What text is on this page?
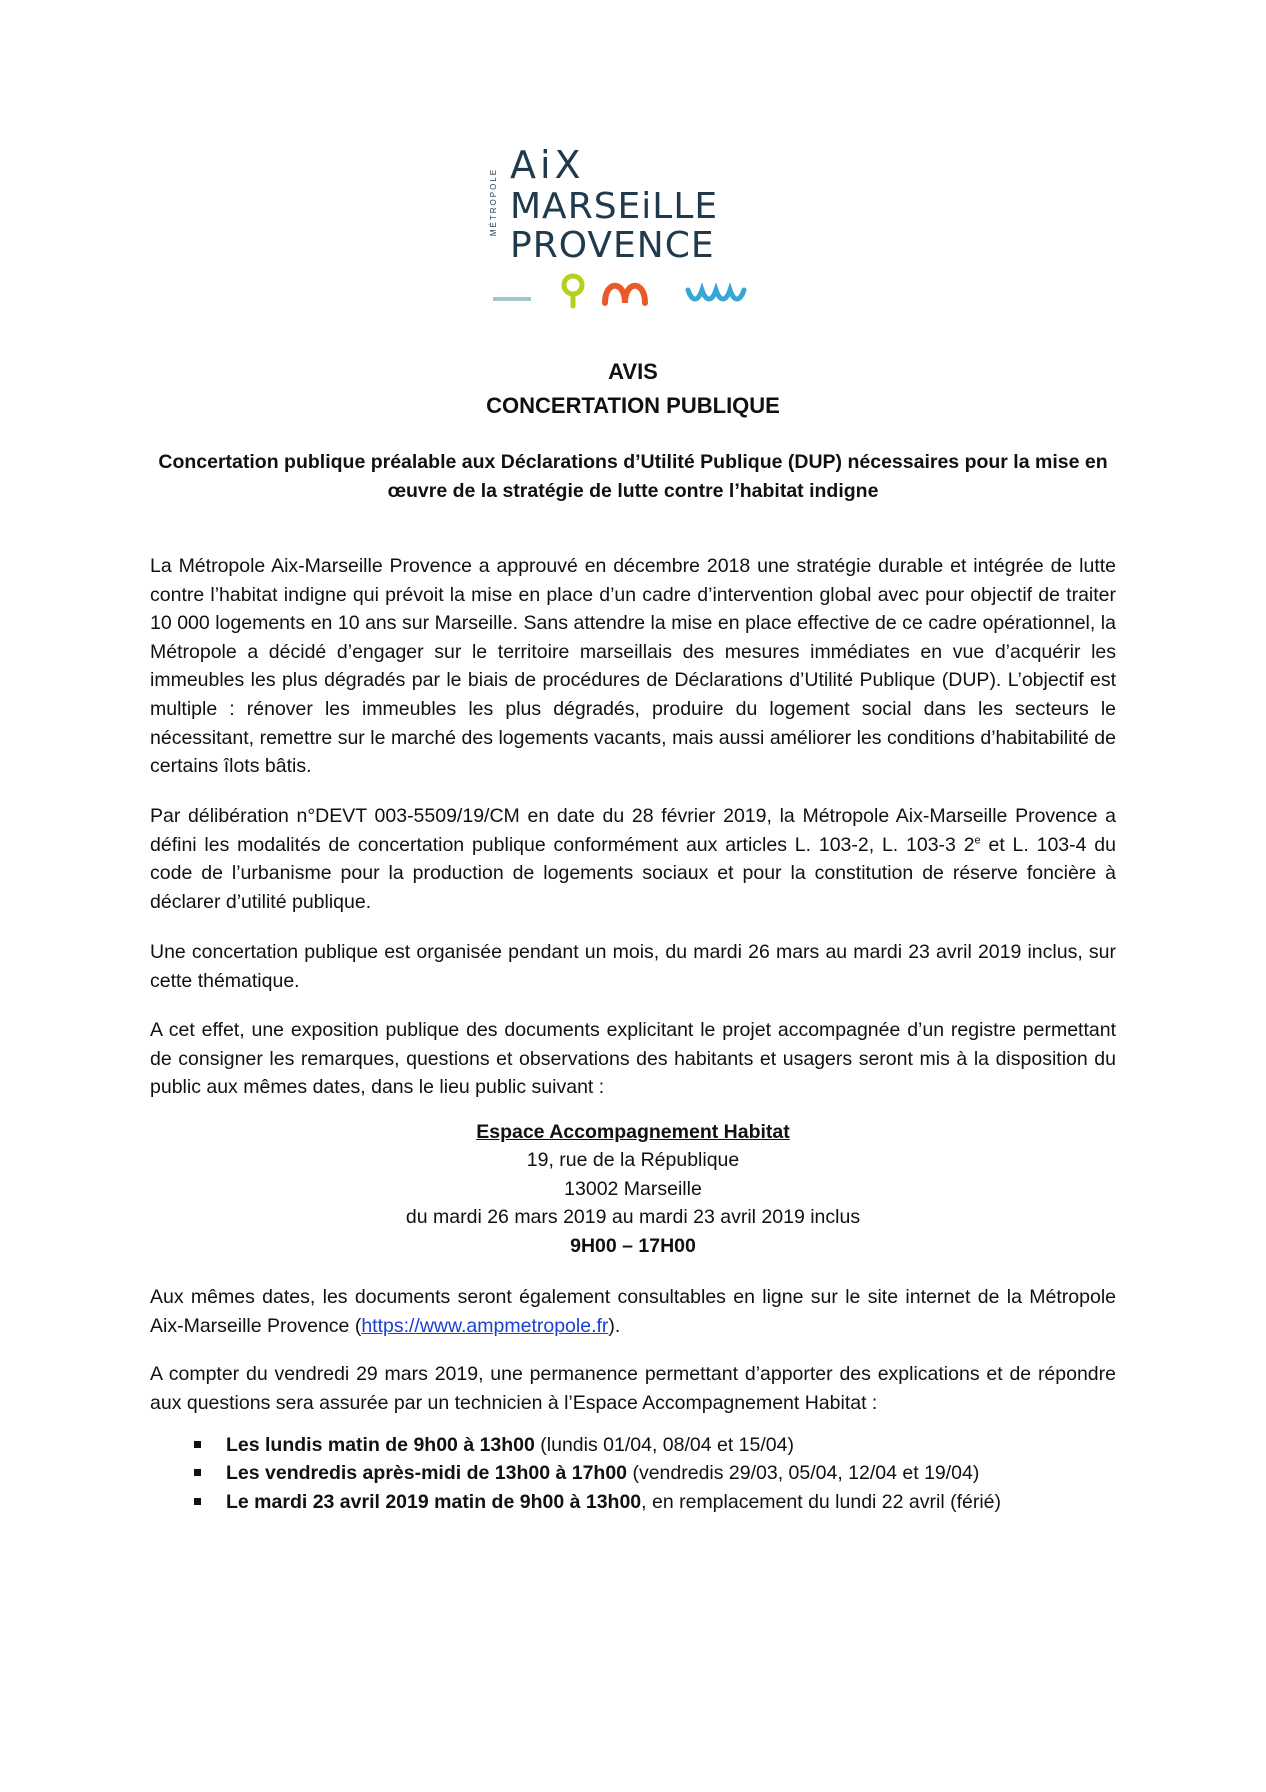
MÉTROPOLE
AiX
MARSEiLLE
PROVENCE
AVIS
CONCERTATION PUBLIQUE
Concertation publique préalable aux Déclarations d’Utilité Publique (DUP) nécessaires pour la mise en œuvre de la stratégie de lutte contre l’habitat indigne

La Métropole Aix-Marseille Provence a approuvé en décembre 2018 une stratégie durable et intégrée de lutte contre l’habitat indigne qui prévoit la mise en place d’un cadre d’intervention global avec pour objectif de traiter 10 000 logements en 10 ans sur Marseille. Sans attendre la mise en place effective de ce cadre opérationnel, la Métropole a décidé d’engager sur le territoire marseillais des mesures immédiates en vue d’acquérir les immeubles les plus dégradés par le biais de procédures de Déclarations d’Utilité Publique (DUP). L’objectif est multiple : rénover les immeubles les plus dégradés, produire du logement social dans les secteurs le nécessitant, remettre sur le marché des logements vacants, mais aussi améliorer les conditions d’habitabilité de certains îlots bâtis.

Par délibération n°DEVT 003-5509/19/CM en date du 28 février 2019, la Métropole Aix-Marseille Provence a défini les modalités de concertation publique conformément aux articles L. 103-2, L. 103-3 2e et L. 103-4 du code de l’urbanisme pour la production de logements sociaux et pour la constitution de réserve foncière à déclarer d’utilité publique.

Une concertation publique est organisée pendant un mois, du mardi 26 mars au mardi 23 avril 2019 inclus, sur cette thématique.

A cet effet, une exposition publique des documents explicitant le projet accompagnée d’un registre permettant de consigner les remarques, questions et observations des habitants et usagers seront mis à la disposition du public aux mêmes dates, dans le lieu public suivant :

Espace Accompagnement Habitat
19, rue de la République
13002 Marseille
du mardi 26 mars 2019 au mardi 23 avril 2019 inclus
9H00 – 17H00

Aux mêmes dates, les documents seront également consultables en ligne sur le site internet de la Métropole Aix-Marseille Provence (https://www.ampmetropole.fr).

A compter du vendredi 29 mars 2019, une permanence permettant d’apporter des explications et de répondre aux questions sera assurée par un technicien à l’Espace Accompagnement Habitat :

Les lundis matin de 9h00 à 13h00 (lundis 01/04, 08/04 et 15/04)
Les vendredis après-midi de 13h00 à 17h00 (vendredis 29/03, 05/04, 12/04 et 19/04)
Le mardi 23 avril 2019 matin de 9h00 à 13h00, en remplacement du lundi 22 avril (férié)
